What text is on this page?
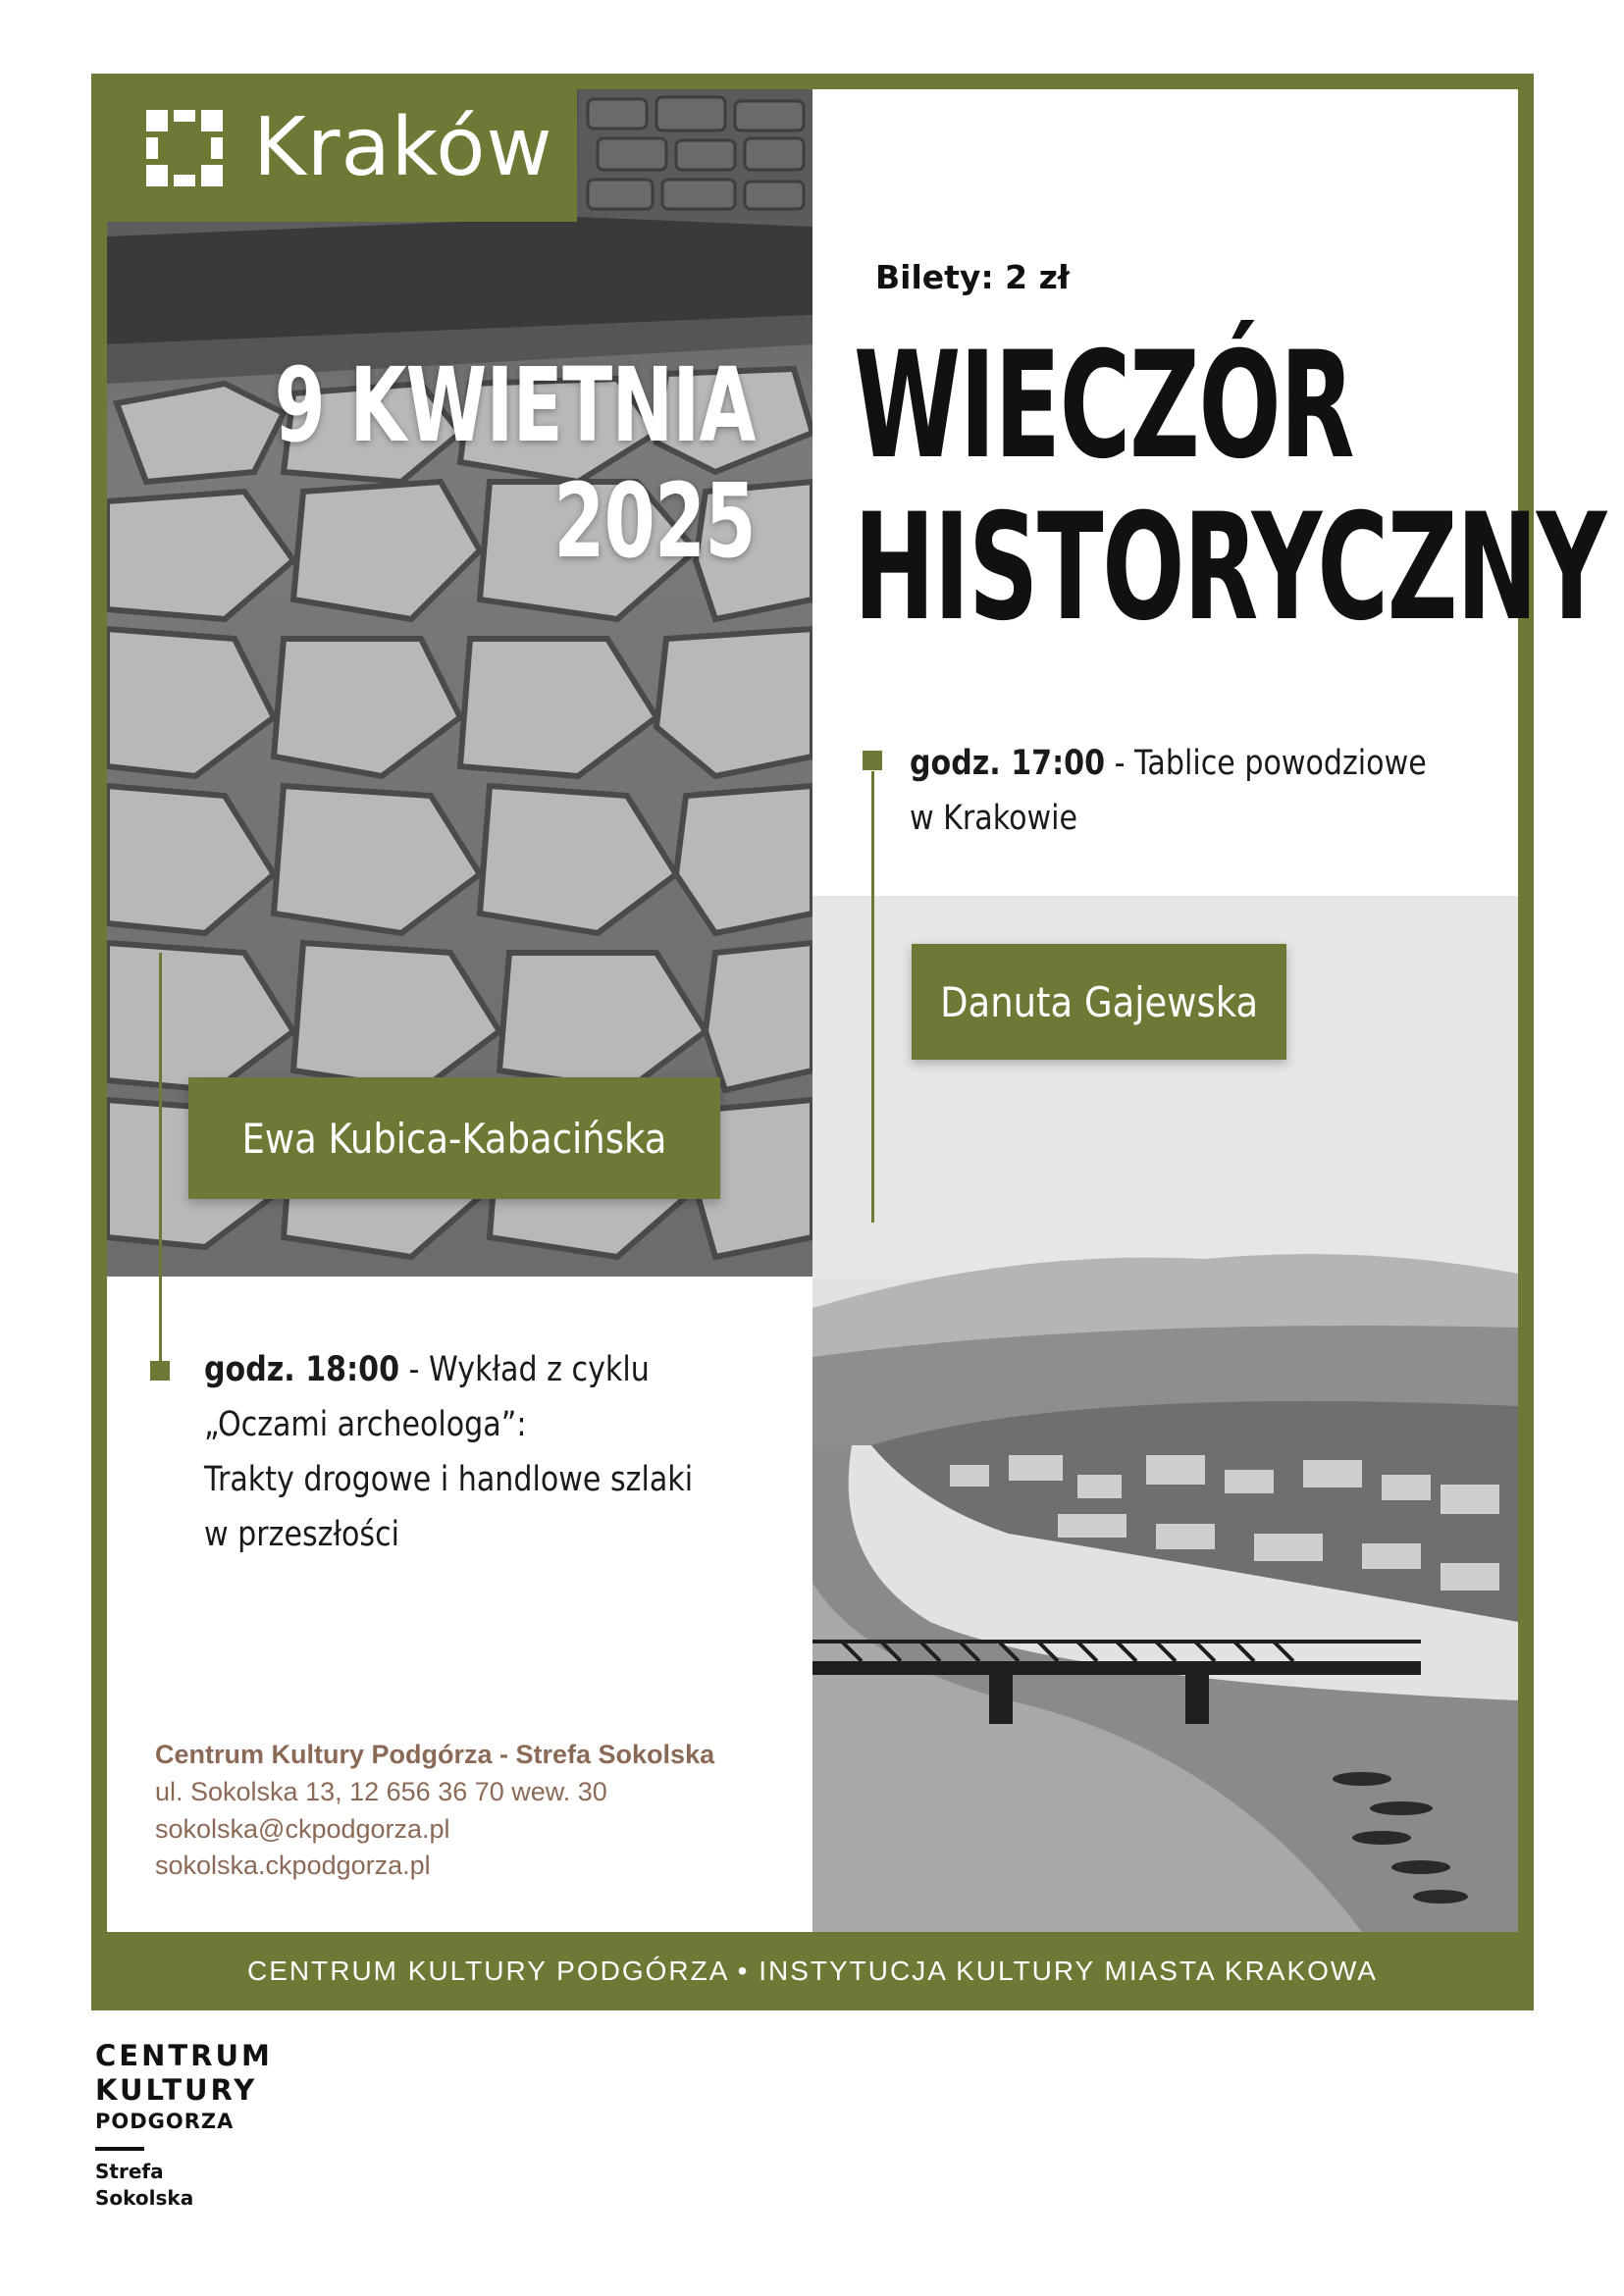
Kraków
9 KWIETNIA
2025
Bilety: 2 zł
WIECZÓR
HISTORYCZNY
godz. 17:00 - Tablice powodziowe
w Krakowie
Danuta Gajewska
Ewa Kubica-Kabacińska
godz. 18:00 - Wykład z cyklu
„Oczami archeologa”:
Trakty drogowe i handlowe szlaki
w przeszłości
Centrum Kultury Podgórza - Strefa Sokolska
ul. Sokolska 13, 12 656 36 70 wew. 30
sokolska@ckpodgorza.pl
sokolska.ckpodgorza.pl
CENTRUM KULTURY PODGÓRZA • INSTYTUCJA KULTURY MIASTA KRAKOWA
CENTRUM
KULTURY
PODGORZA
Strefa
Sokolska
